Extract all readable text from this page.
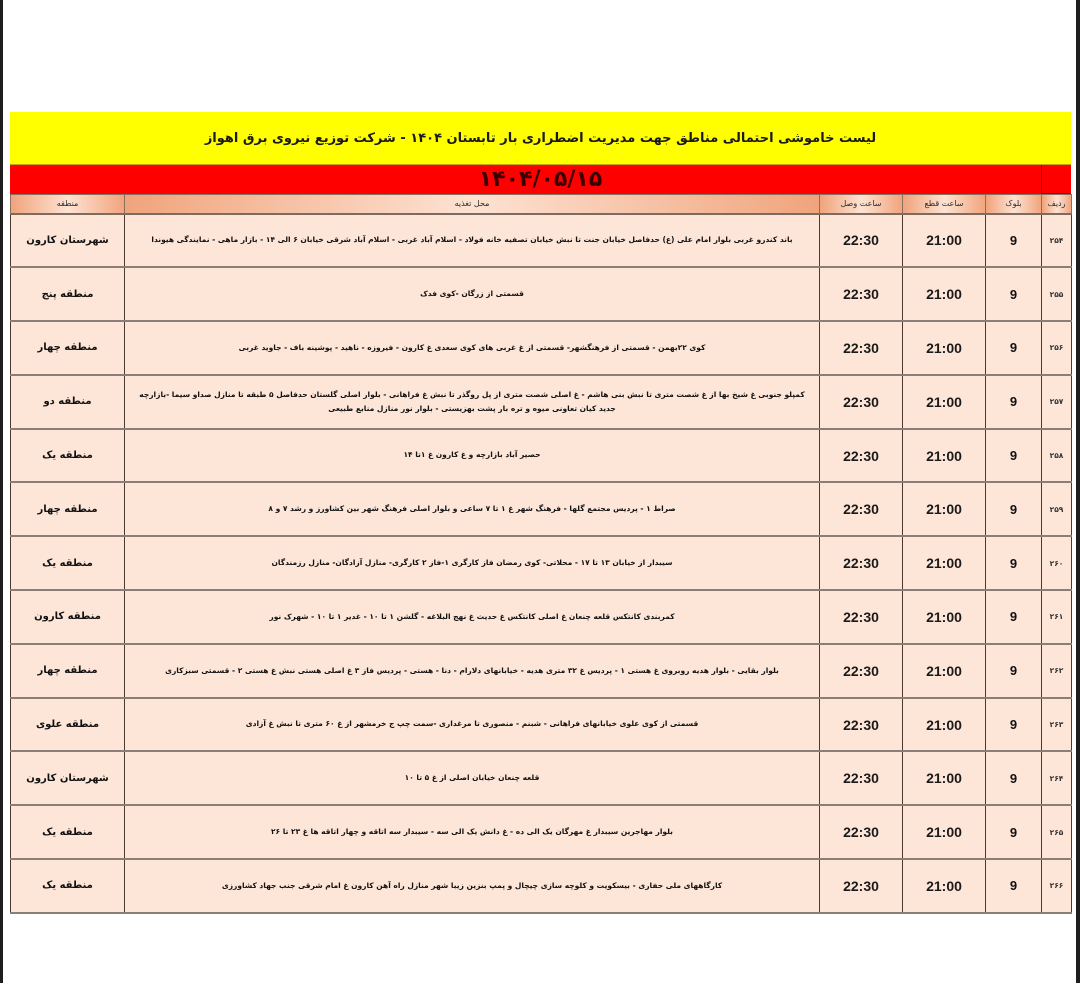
لیست خاموشی احتمالی مناطق جهت مدیریت اضطراری بار تابستان ۱۴۰۴ - شرکت توزیع نیروی برق اهواز
۱۴۰۴/۰۵/۱۵
منطقه	محل تغذیه	ساعت وصل	ساعت قطع	بلوک	ردیف
شهرستان کارون	باند کندرو غربی بلوار امام علی (ع) حدفاصل خیابان جنت تا نبش خیابان تصفیه خانه فولاد - اسلام آباد غربی - اسلام آباد شرقی خیابان ۶ الی ۱۴ - بازار ماهی - نمایندگی هیوندا	22:30	21:00	9	۲۵۴
منطقه پنج	قسمتی از زرگان -کوی فدک	22:30	21:00	9	۲۵۵
منطقه چهار	کوی ۲۲بهمن - قسمتی از فرهنگشهر- قسمتی از غ غربی های کوی سعدی غ کارون - فیروزه - ناهید - پوشینه باف - جاوید غربی	22:30	21:00	9	۲۵۶
منطقه دو	کمپلو جنوبی غ شیخ بها از غ شصت متری تا نبش بنی هاشم - غ اصلی شصت متری از پل روگذر تا نبش غ فراهانی - بلوار اصلی گلستان حدفاصل ۵ طبقه تا منازل صداو سیما -بازارچه جدید کیان تعاونی میوه و تره بار پشت بهزیستی - بلوار نور منازل منابع طبیعی	22:30	21:00	9	۲۵۷
منطقه یک	حصیر آباد بازارچه و غ کارون غ ۱تا ۱۴	22:30	21:00	9	۲۵۸
منطقه چهار	صراط ۱ - پردیس مجتمع گلها - فرهنگ شهر غ ۱ تا ۷ ساعی و بلوار اصلی فرهنگ شهر بین کشاورز و رشد ۷ و ۸	22:30	21:00	9	۲۵۹
منطقه یک	سیبدار از خیابان ۱۳ تا ۱۷ - محلاتی- کوی رمضان فاز کارگری ۱-فاز ۲ کارگری- منازل آزادگان- منازل رزمندگان	22:30	21:00	9	۲۶۰
منطقه کارون	کمربندی کانتکس قلعه چنعان غ اصلی کانتکس غ حدیث غ نهج البلاغه - گلشن ۱ تا ۱۰ - غدیر ۱ تا ۱۰ - شهرک نور	22:30	21:00	9	۲۶۱
منطقه چهار	بلوار بقایی - بلوار هدیه روبروی غ هستی ۱ - پردیس غ ۳۲ متری هدیه - خیابانهای دلارام - دنا - هستی - پردیس فاز ۳ غ اصلی هستی نبش غ هستی ۲ - قسمتی سبزکاری	22:30	21:00	9	۲۶۲
منطقه علوی	قسمتی از کوی علوی خیابانهای فراهانی - شبنم - منصوری تا مرغداری -سمت چپ ج خرمشهر از غ ۶۰ متری تا نبش غ آزادی	22:30	21:00	9	۲۶۳
شهرستان کارون	قلعه چنعان خیابان اصلی از غ ۵ تا ۱۰	22:30	21:00	9	۲۶۴
منطقه یک	بلوار مهاجرین سیبدار غ مهرگان یک الی ده - غ دانش یک الی سه - سیبدار سه اتاقه و چهار اتاقه ها غ ۲۳ تا ۲۶	22:30	21:00	9	۲۶۵
منطقه یک	کارگاههای ملی حفاری - بیسکویت و کلوچه سازی چیچال و پمپ بنزین زیبا شهر منازل راه آهن کارون غ امام شرقی جنب جهاد کشاورزی	22:30	21:00	9	۲۶۶
